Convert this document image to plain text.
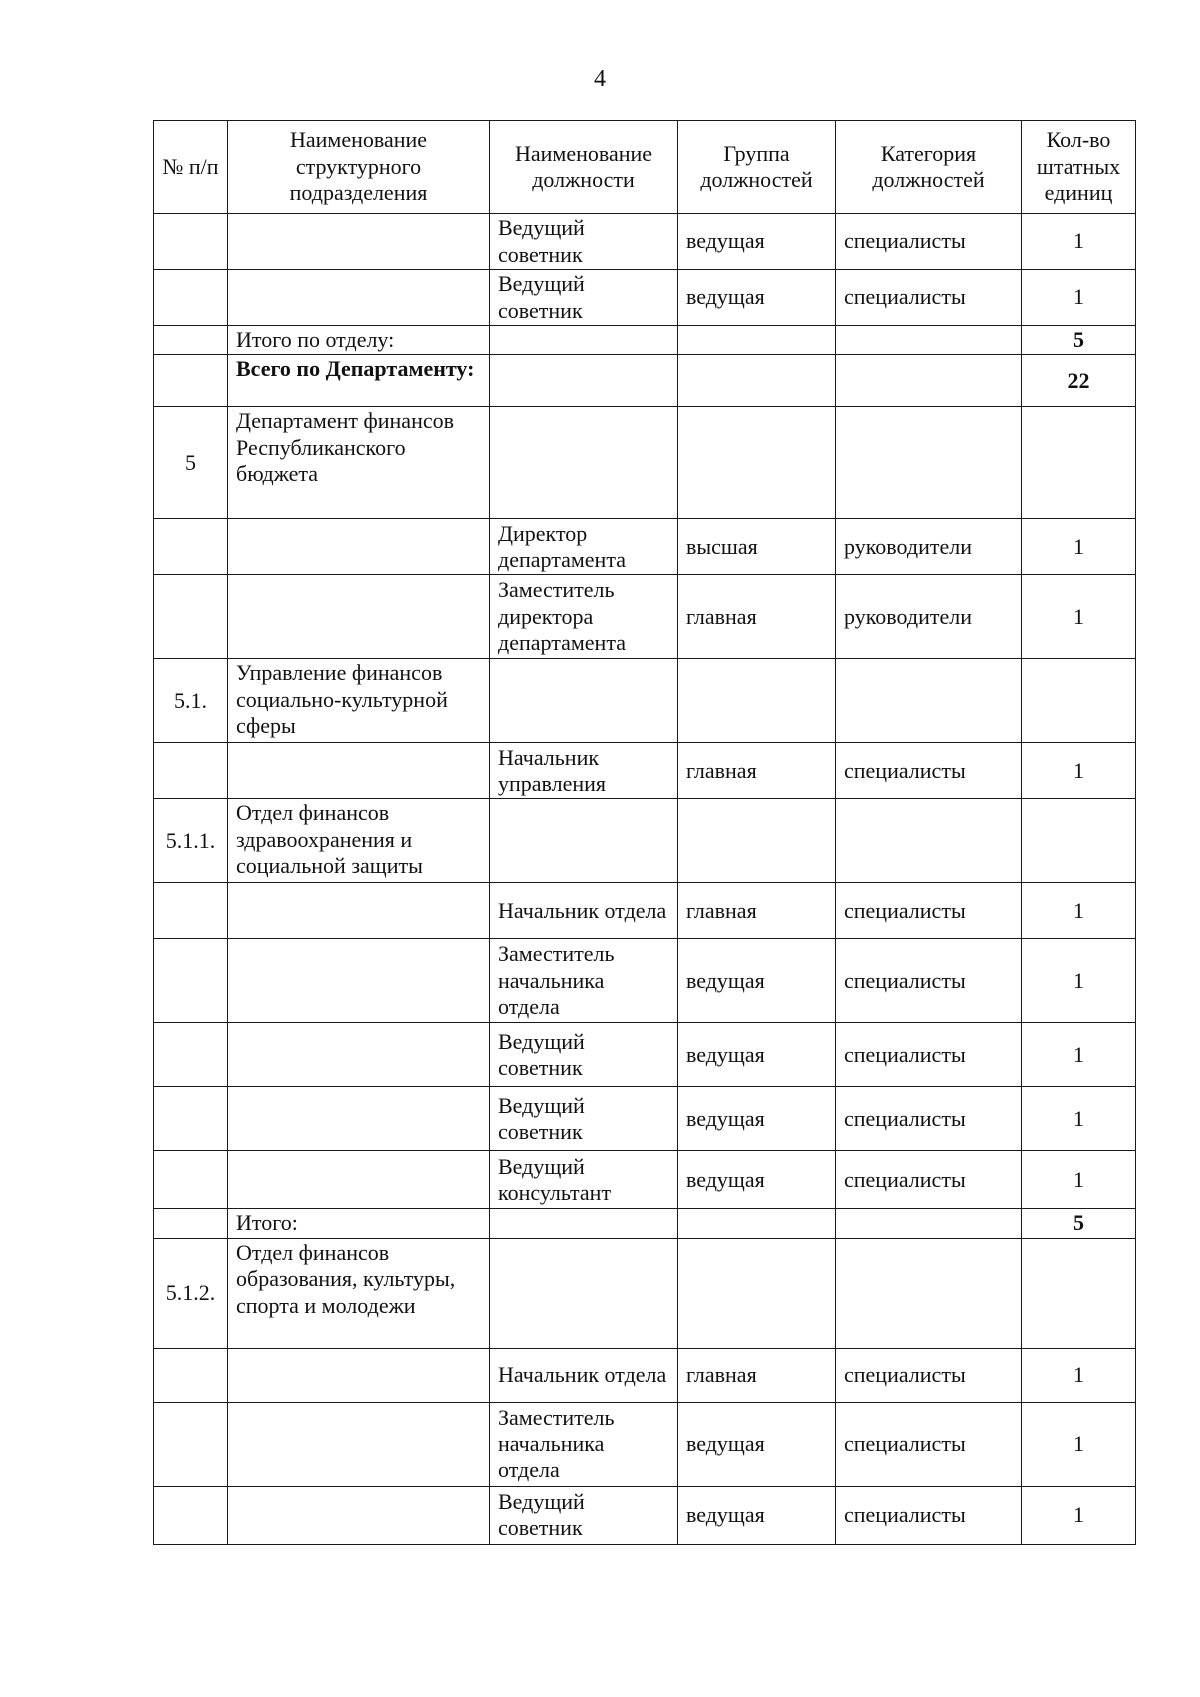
4
№ п/п	Наименование структурного подразделения	Наименование должности	Группа должностей	Категория должностей	Кол-во штатных единиц
		Ведущий советник	ведущая	специалисты	1
		Ведущий советник	ведущая	специалисты	1
	Итого по отделу:				5
	Всего по Департаменту:				22
5	Департамент финансов Республиканского бюджета				
		Директор департамента	высшая	руководители	1
		Заместитель директора департамента	главная	руководители	1
5.1.	Управление финансов социально-культурной сферы				
		Начальник управления	главная	специалисты	1
5.1.1.	Отдел финансов здравоохранения и социальной защиты				
		Начальник отдела	главная	специалисты	1
		Заместитель начальника отдела	ведущая	специалисты	1
		Ведущий советник	ведущая	специалисты	1
		Ведущий советник	ведущая	специалисты	1
		Ведущий консультант	ведущая	специалисты	1
	Итого:				5
5.1.2.	Отдел финансов образования, культуры, спорта и молодежи				
		Начальник отдела	главная	специалисты	1
		Заместитель начальника отдела	ведущая	специалисты	1
		Ведущий советник	ведущая	специалисты	1
